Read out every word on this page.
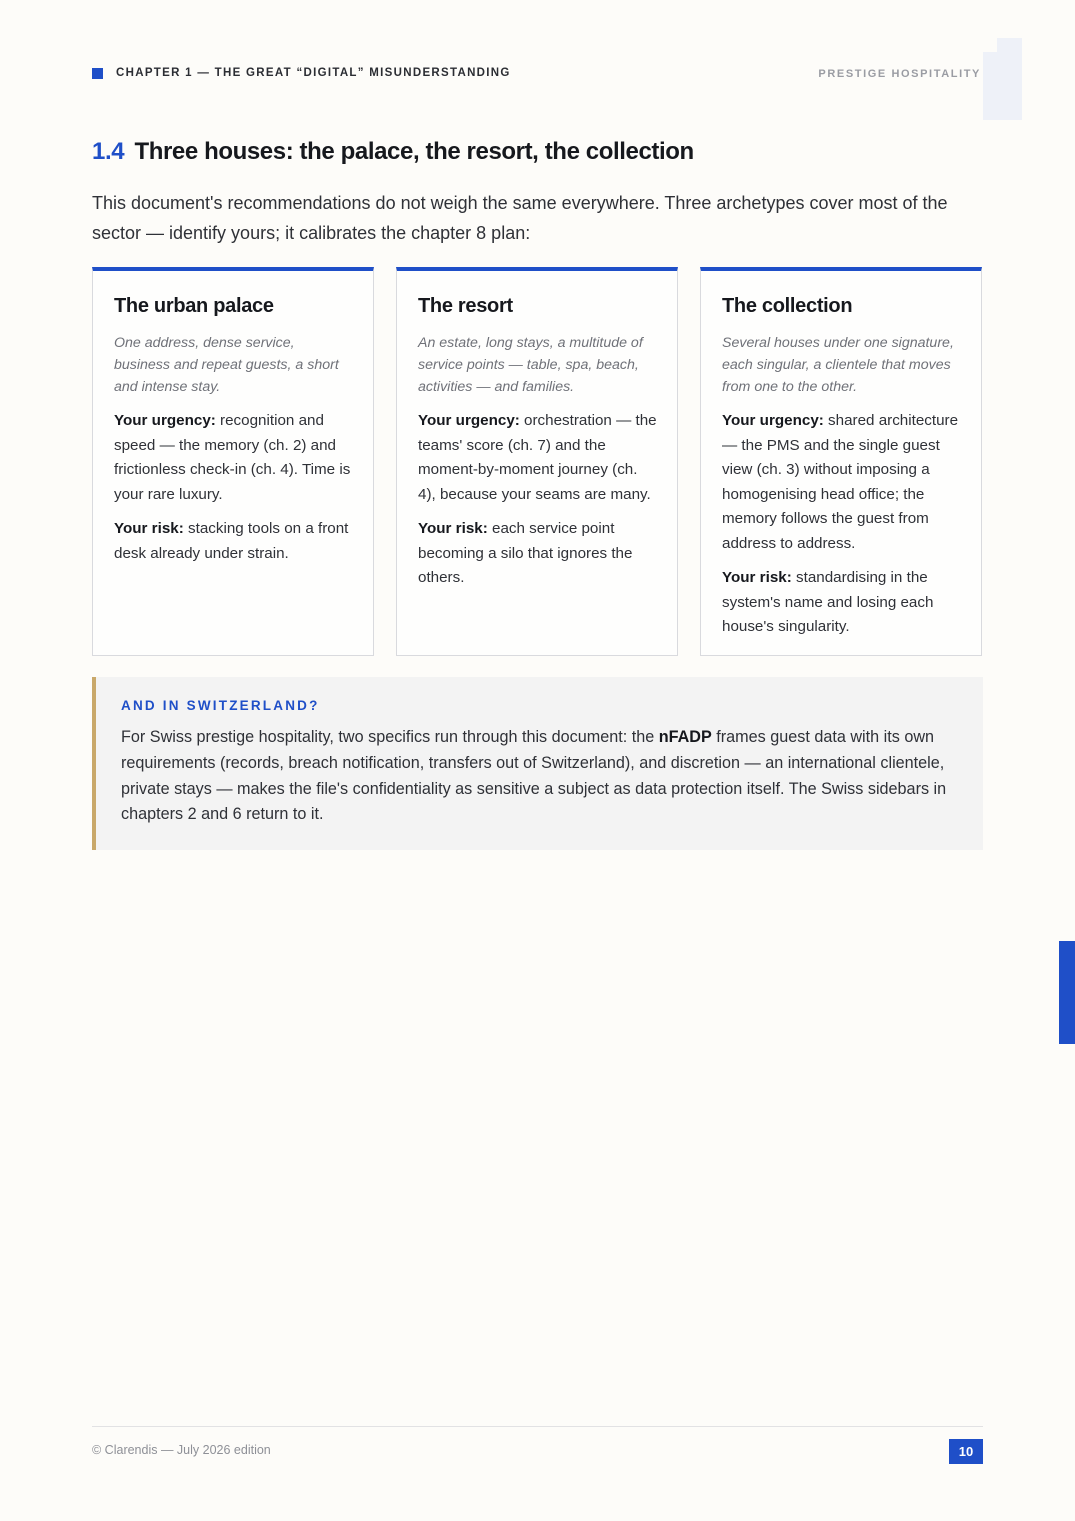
CHAPTER 1 — THE GREAT “DIGITAL” MISUNDERSTANDING	PRESTIGE HOSPITALITY
1.4 Three houses: the palace, the resort, the collection

This document's recommendations do not weigh the same everywhere. Three archetypes cover most of the sector — identify yours; it calibrates the chapter 8 plan:

The urban palace

One address, dense service, business and repeat guests, a short and intense stay.

Your urgency: recognition and speed — the memory (ch. 2) and frictionless check-in (ch. 4). Time is your rare luxury.

Your risk: stacking tools on a front desk already under strain.

The resort

An estate, long stays, a multitude of service points — table, spa, beach, activities — and families.

Your urgency: orchestration — the teams' score (ch. 7) and the moment-by-moment journey (ch. 4), because your seams are many.

Your risk: each service point becoming a silo that ignores the others.

The collection

Several houses under one signature, each singular, a clientele that moves from one to the other.

Your urgency: shared architecture — the PMS and the single guest view (ch. 3) without imposing a homogenising head office; the memory follows the guest from address to address.

Your risk: standardising in the system's name and losing each house's singularity.

AND IN SWITZERLAND?

For Swiss prestige hospitality, two specifics run through this document: the nFADP frames guest data with its own requirements (records, breach notification, transfers out of Switzerland), and discretion — an international clientele, private stays — makes the file's confidentiality as sensitive a subject as data protection itself. The Swiss sidebars in chapters 2 and 6 return to it.

© Clarendis — July 2026 edition	10
